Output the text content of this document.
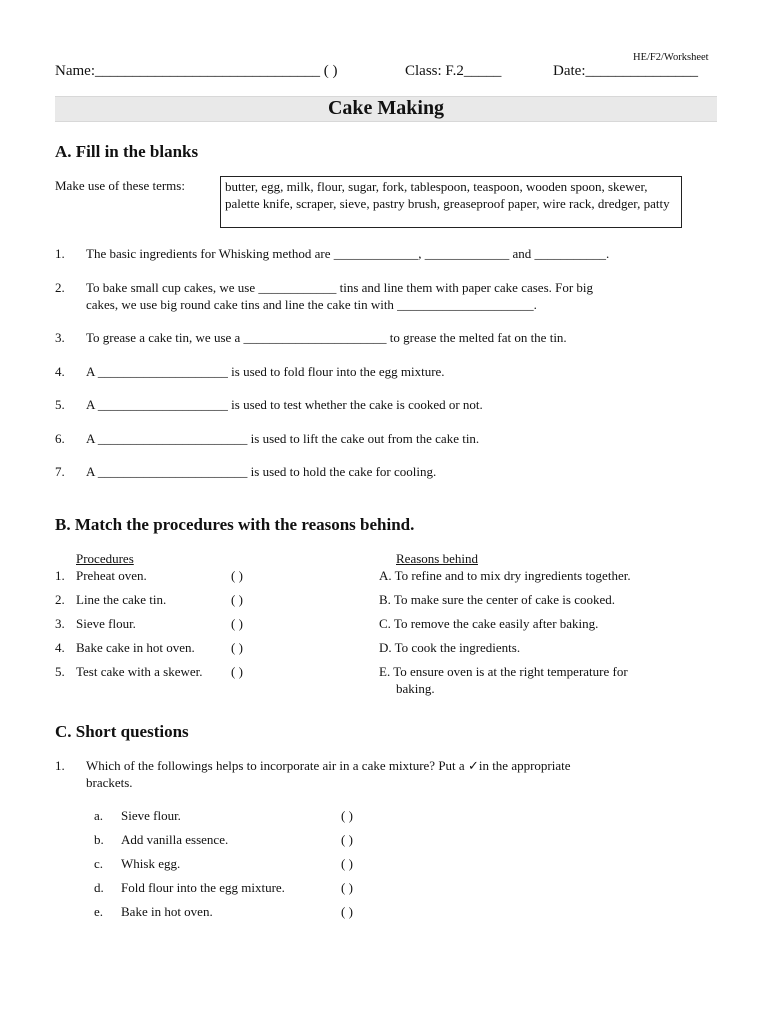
HE/F2/Worksheet
Name:______________________________ ( )	Class: F.2_____	Date:_______________
Cake Making
A. Fill in the blanks
Make use of these terms:	butter, egg, milk, flour, sugar, fork, tablespoon, teaspoon, wooden spoon, skewer, palette knife, scraper, sieve, pastry brush, greaseproof paper, wire rack, dredger, patty
1. The basic ingredients for Whisking method are _____________, _____________ and ___________.
2. To bake small cup cakes, we use ____________ tins and line them with paper cake cases. For big
cakes, we use big round cake tins and line the cake tin with _____________________.
3. To grease a cake tin, we use a ______________________ to grease the melted fat on the tin.
4. A ____________________ is used to fold flour into the egg mixture.
5. A ____________________ is used to test whether the cake is cooked or not.
6. A _______________________ is used to lift the cake out from the cake tin.
7. A _______________________ is used to hold the cake for cooling.
B. Match the procedures with the reasons behind.
Procedures	Reasons behind
1. Preheat oven.	( )	A. To refine and to mix dry ingredients together.
2. Line the cake tin.	( )	B. To make sure the center of cake is cooked.
3. Sieve flour.	( )	C. To remove the cake easily after baking.
4. Bake cake in hot oven.	( )	D. To cook the ingredients.
5. Test cake with a skewer. ( )	E. To ensure oven is at the right temperature for
baking.
C. Short questions
1. Which of the followings helps to incorporate air in a cake mixture? Put a ✓in the appropriate
brackets.
a. Sieve flour.	( )
b. Add vanilla essence.	( )
c. Whisk egg.	( )
d. Fold flour into the egg mixture.	( )
e. Bake in hot oven.	( )
